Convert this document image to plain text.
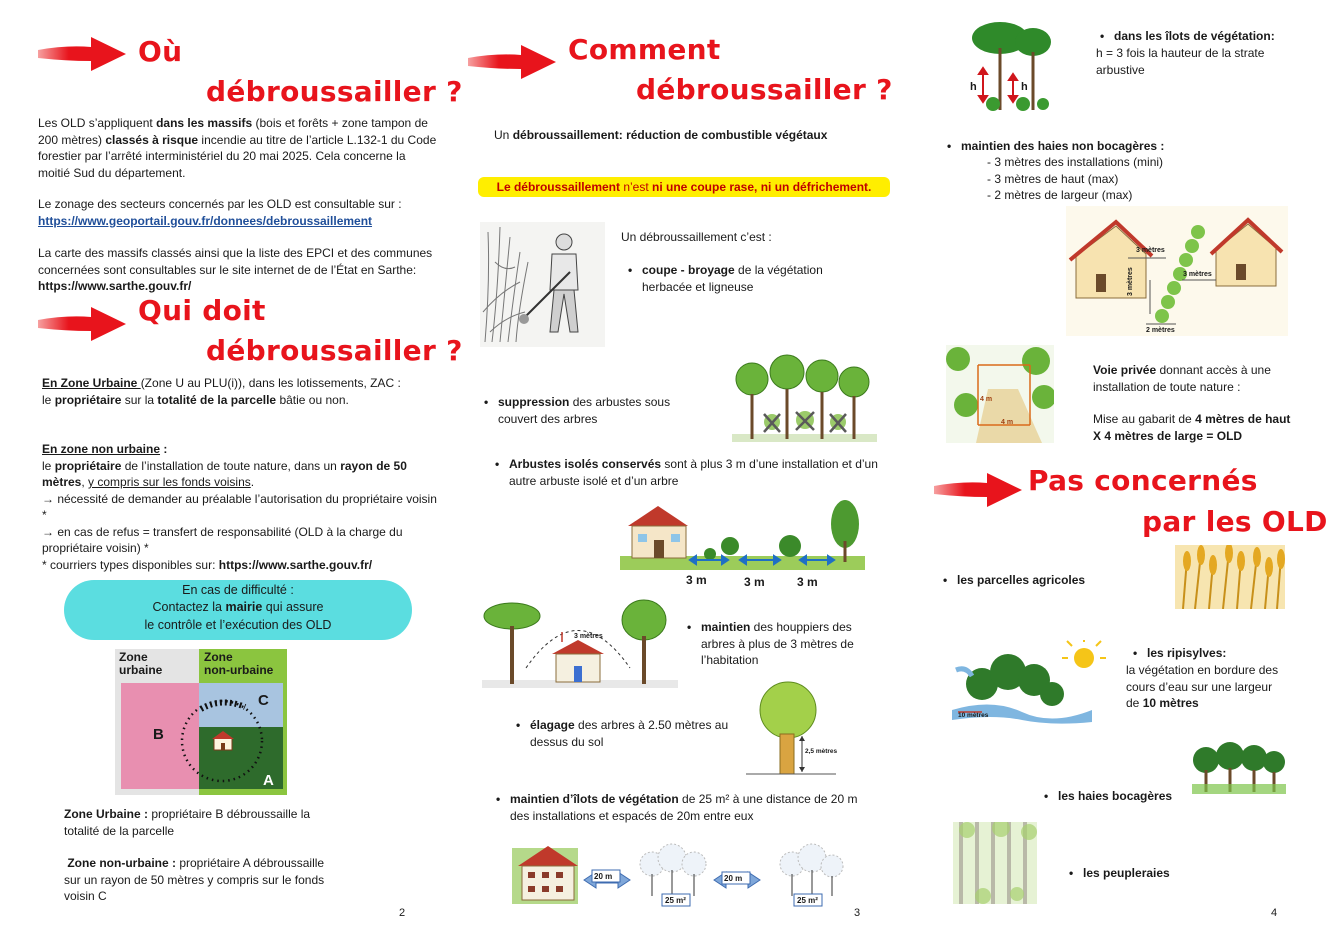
Où
débroussailler ?
Les OLD s’appliquent dans les massifs (bois et forêts + zone tampon de 200 mètres) classés à risque incendie au titre de l’article L.132-1 du Code forestier par l’arrêté interministériel du 20 mai 2025. Cela concerne la moitié Sud du département.
Le zonage des secteurs concernés par les OLD est consultable sur :
https://www.geoportail.gouv.fr/donnees/debroussaillement
La carte des massifs classés ainsi que la liste des EPCI et des communes concernées sont consultables sur le site internet de de l’État en Sarthe: https://www.sarthe.gouv.fr/
Qui doit
débroussailler ?
En Zone Urbaine (Zone U au PLU(i)), dans les lotissements, ZAC :
le propriétaire sur la totalité de la parcelle bâtie ou non.
En zone non urbaine :
le propriétaire de l’installation de toute nature, dans un rayon de 50 mètres, y compris sur les fonds voisins.
→ nécessité de demander au préalable l’autorisation du propriétaire voisin *
→ en cas de refus = transfert de responsabilité (OLD à la charge du propriétaire voisin) *
* courriers types disponibles sur: https://www.sarthe.gouv.fr/
En cas de difficulté :
Contactez la mairie qui assure
le contrôle et l’exécution des OLD
Zone
urbaine
Zone
non-urbaine
B
C
A
Zone Urbaine : propriétaire B débroussaille la totalité de la parcelle
Zone non-urbaine : propriétaire A débroussaille sur un rayon de 50 mètres y compris sur le fonds voisin C
2
Comment
débroussailler ?
Un débroussaillement: réduction de combustible végétaux
Le débroussaillement n’est ni une coupe rase, ni un défrichement.
Un débroussaillement c’est :
• coupe - broyage de la végétation herbacée et ligneuse
• suppression des arbustes sous couvert des arbres
• Arbustes isolés conservés sont à plus 3 m d’une installation et d’un autre arbuste isolé et d’un arbre
3 m	3 m	3 m
3 mètres
• maintien des houppiers des arbres à plus de 3 mètres de l’habitation
• élagage des arbres à 2.50 mètres au dessus du sol
2,5 mètres
• maintien d’îlots de végétation de 25 m² à une distance de 20 m des installations et espacés de 20m entre eux
20 m	20 m
25 m²	25 m²
3
h	h
• dans les îlots de végétation:
h = 3 fois la hauteur de la strate arbustive
• maintien des haies non bocagères :
- 3 mètres des installations (mini)
- 3 mètres de haut (max)
- 2 mètres de largeur (max)
3 mètres
3 mètres
3 mètres
2 mètres
4 m
4 m
Voie privée donnant accès à une installation de toute nature :
Mise au gabarit de 4 mètres de haut X 4 mètres de large = OLD
Pas concernés
par les OLD
• les parcelles agricoles
• les ripisylves:
la végétation en bordure des cours d’eau sur une largeur de 10 mètres
10 mètres
• les haies bocagères
• les peupleraies
4
